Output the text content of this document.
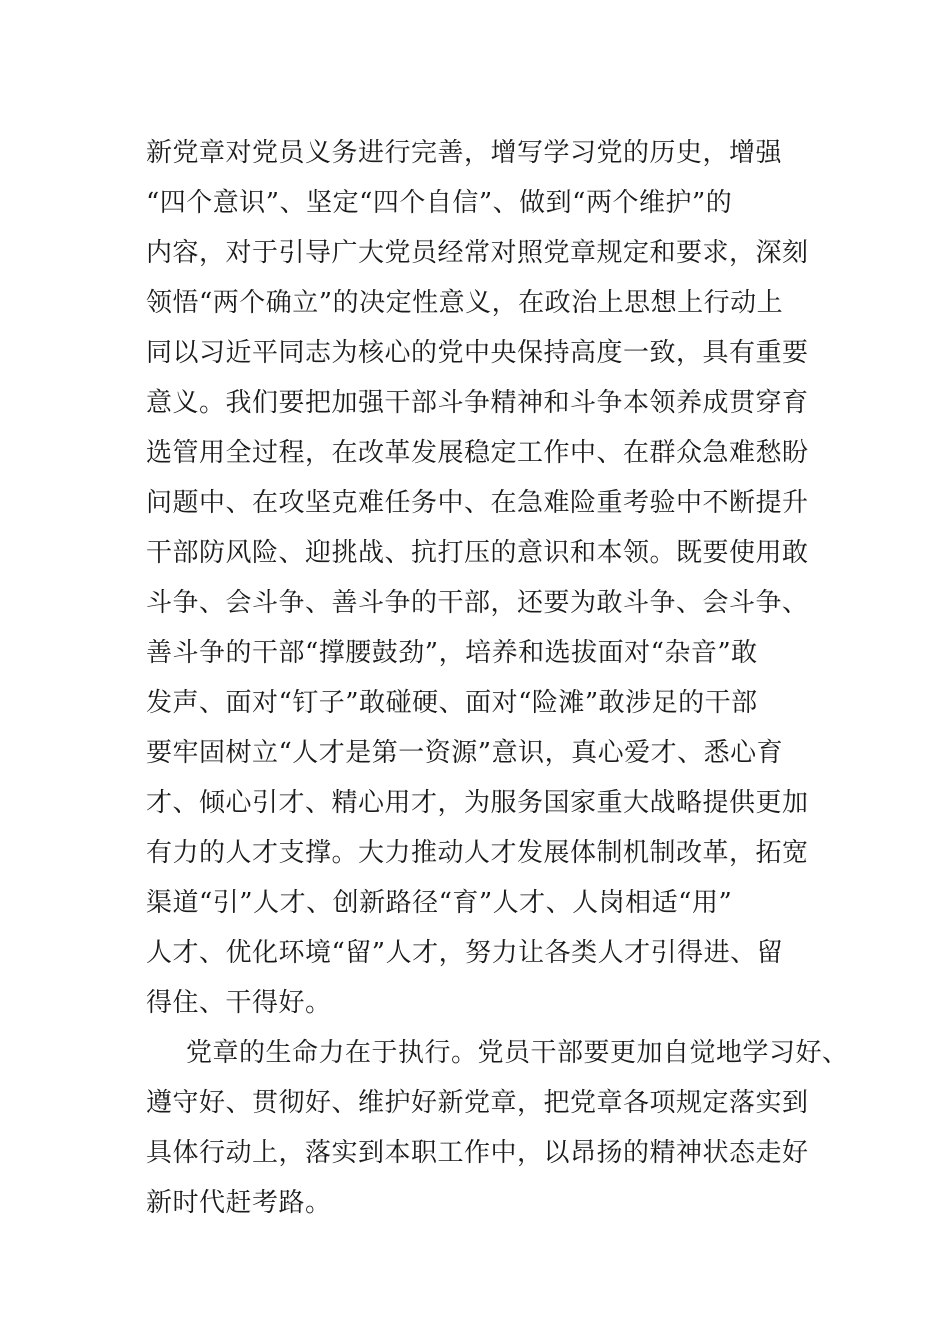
新党章对党员义务进行完善，增写学习党的历史，增强
“四个意识”、坚定“四个自信”、做到“两个维护”的
内容，对于引导广大党员经常对照党章规定和要求，深刻
领悟“两个确立”的决定性意义，在政治上思想上行动上
同以习近平同志为核心的党中央保持高度一致，具有重要
意义。我们要把加强干部斗争精神和斗争本领养成贯穿育
选管用全过程，在改革发展稳定工作中、在群众急难愁盼
问题中、在攻坚克难任务中、在急难险重考验中不断提升
干部防风险、迎挑战、抗打压的意识和本领。既要使用敢
斗争、会斗争、善斗争的干部，还要为敢斗争、会斗争、
善斗争的干部“撑腰鼓劲”，培养和选拔面对“杂音”敢
发声、面对“钉子”敢碰硬、面对“险滩”敢涉足的干部
要牢固树立“人才是第一资源”意识，真心爱才、悉心育
才、倾心引才、精心用才，为服务国家重大战略提供更加
有力的人才支撑。大力推动人才发展体制机制改革，拓宽
渠道“引”人才、创新路径“育”人才、人岗相适“用”
人才、优化环境“留”人才，努力让各类人才引得进、留
得住、干得好。
党章的生命力在于执行。党员干部要更加自觉地学习好、
遵守好、贯彻好、维护好新党章，把党章各项规定落实到
具体行动上，落实到本职工作中，以昂扬的精神状态走好
新时代赶考路。
